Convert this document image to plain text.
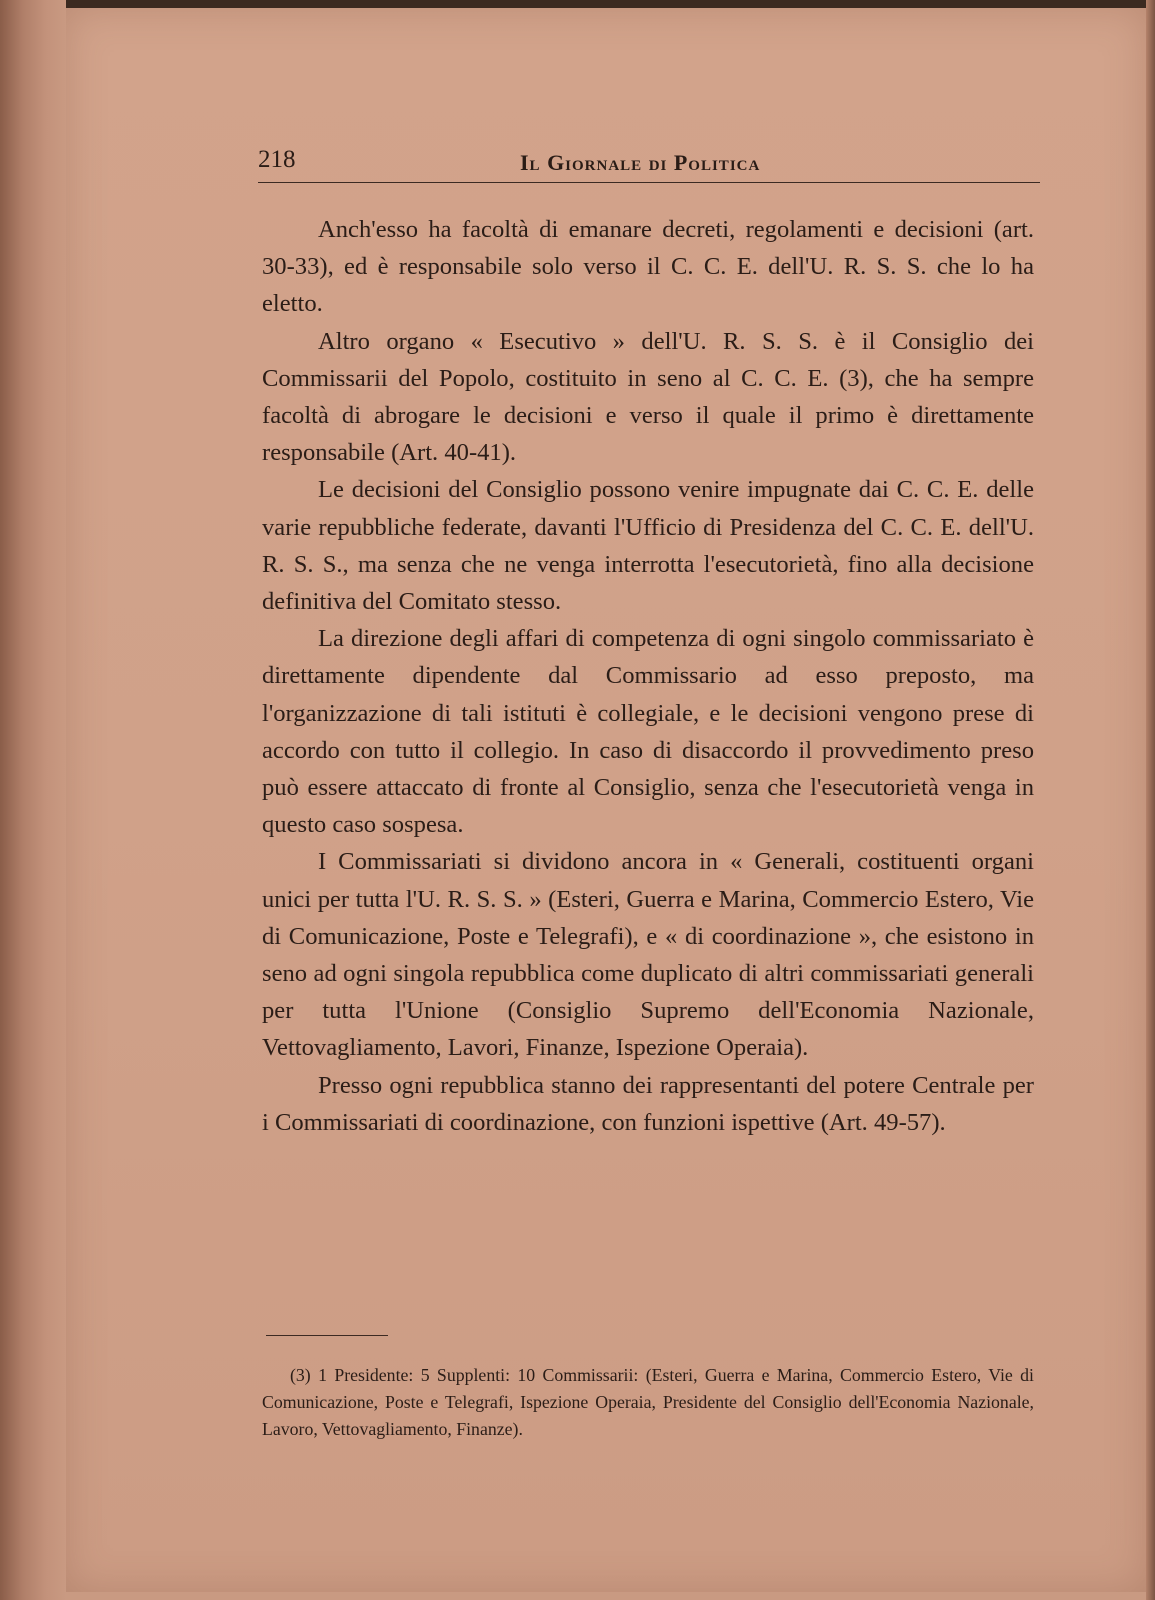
218	Il Giornale di Politica

Anch'esso ha facoltà di emanare decreti, regolamenti e decisioni (art. 30-33), ed è responsabile solo verso il C. C. E. dell'U. R. S. S. che lo ha eletto.

Altro organo « Esecutivo » dell'U. R. S. S. è il Consiglio dei Commissarii del Popolo, costituito in seno al C. C. E. (3), che ha sempre facoltà di abrogare le decisioni e verso il quale il primo è direttamente responsabile (Art. 40-41).

Le decisioni del Consiglio possono venire impugnate dai C. C. E. delle varie repubbliche federate, davanti l'Ufficio di Presidenza del C. C. E. dell'U. R. S. S., ma senza che ne venga interrotta l'esecutorietà, fino alla decisione definitiva del Comitato stesso.

La direzione degli affari di competenza di ogni singolo commissariato è direttamente dipendente dal Commissario ad esso preposto, ma l'organizzazione di tali istituti è collegiale, e le decisioni vengono prese di accordo con tutto il collegio. In caso di disaccordo il provvedimento preso può essere attaccato di fronte al Consiglio, senza che l'esecutorietà venga in questo caso sospesa.

I Commissariati si dividono ancora in « Generali, costituenti organi unici per tutta l'U. R. S. S. » (Esteri, Guerra e Marina, Commercio Estero, Vie di Comunicazione, Poste e Telegrafi), e « di coordinazione », che esistono in seno ad ogni singola repubblica come duplicato di altri commissariati generali per tutta l'Unione (Consiglio Supremo dell'Economia Nazionale, Vettovagliamento, Lavori, Finanze, Ispezione Operaia).

Presso ogni repubblica stanno dei rappresentanti del potere Centrale per i Commissariati di coordinazione, con funzioni ispettive (Art. 49-57).

(3) 1 Presidente: 5 Supplenti: 10 Commissarii: (Esteri, Guerra e Marina, Commercio Estero, Vie di Comunicazione, Poste e Telegrafi, Ispezione Operaia, Presidente del Consiglio dell'Economia Nazionale, Lavoro, Vettovagliamento, Finanze).
